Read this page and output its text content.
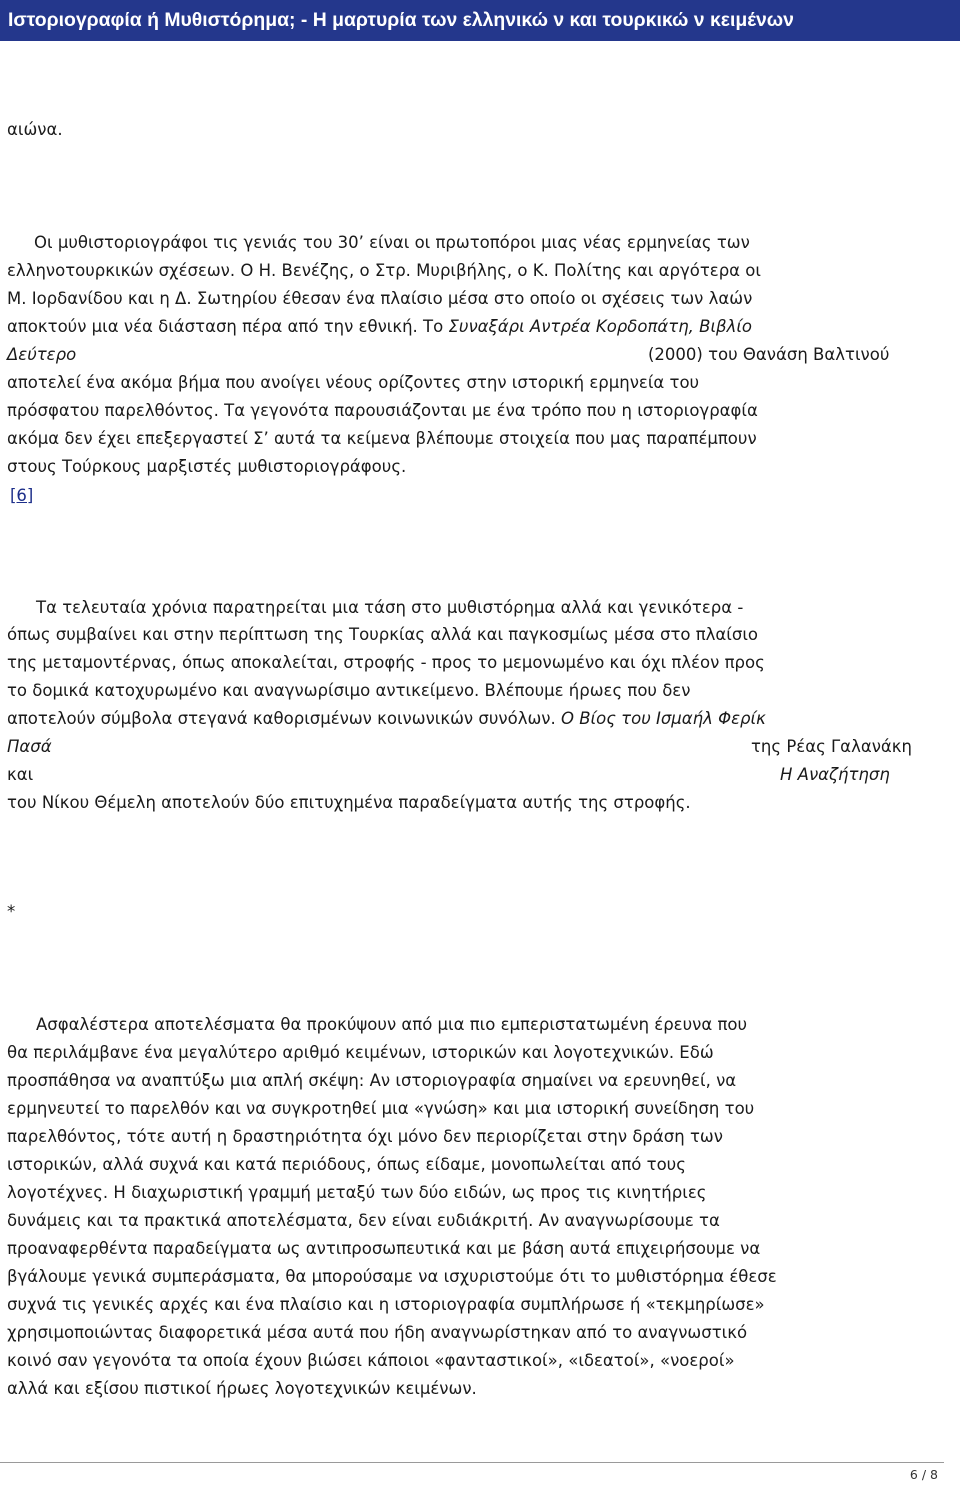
Ιστοριογραφία ή Μυθιστόρημα; - Η μαρτυρία των ελληνικώ ν και τουρκικώ ν κειμένων
αιώνα.
Οι μυθιστοριογράφοι τις γενιάς του 30’ είναι οι πρωτοπόροι μιας νέας ερμηνείας των
ελληνοτουρκικών σχέσεων. Ο Η. Βενέζης, ο Στρ. Μυριβήλης, ο Κ. Πολίτης και αργότερα οι
Μ. Ιορδανίδου και η Δ. Σωτηρίου έθεσαν ένα πλαίσιο μέσα στο οποίο οι σχέσεις των λαών
αποκτούν μια νέα διάσταση πέρα από την εθνική. Το Συναξάρι Αντρέα Κορδοπάτη, Βιβλίο
Δεύτερο	(2000) του Θανάση Βαλτινού
αποτελεί ένα ακόμα βήμα που ανοίγει νέους ορίζοντες στην ιστορική ερμηνεία του
πρόσφατου παρελθόντος. Τα γεγονότα παρουσιάζονται με ένα τρόπο που η ιστοριογραφία
ακόμα δεν έχει επεξεργαστεί Σ’ αυτά τα κείμενα βλέπουμε στοιχεία που μας παραπέμπουν
στους Τούρκους μαρξιστές μυθιστοριογράφους.
[6]
Τα τελευταία χρόνια παρατηρείται μια τάση στο μυθιστόρημα αλλά και γενικότερα -
όπως συμβαίνει και στην περίπτωση της Τουρκίας αλλά και παγκοσμίως μέσα στο πλαίσιο
της μεταμοντέρνας, όπως αποκαλείται, στροφής - προς το μεμονωμένο και όχι πλέον προς
το δομικά κατοχυρωμένο και αναγνωρίσιμο αντικείμενο. Βλέπουμε ήρωες που δεν
αποτελούν σύμβολα στεγανά καθορισμένων κοινωνικών συνόλων. Ο Βίος του Ισμαήλ Φερίκ
Πασά	της Ρέας Γαλανάκη
και	Η Αναζήτηση
του Νίκου Θέμελη αποτελούν δύο επιτυχημένα παραδείγματα αυτής της στροφής.
*
Ασφαλέστερα αποτελέσματα θα προκύψουν από μια πιο εμπεριστατωμένη έρευνα που
θα περιλάμβανε ένα μεγαλύτερο αριθμό κειμένων, ιστορικών και λογοτεχνικών. Εδώ
προσπάθησα να αναπτύξω μια απλή σκέψη: Αν ιστοριογραφία σημαίνει να ερευνηθεί, να
ερμηνευτεί το παρελθόν και να συγκροτηθεί μια «γνώση» και μια ιστορική συνείδηση του
παρελθόντος, τότε αυτή η δραστηριότητα όχι μόνο δεν περιορίζεται στην δράση των
ιστορικών, αλλά συχνά και κατά περιόδους, όπως είδαμε, μονοπωλείται από τους
λογοτέχνες. Η διαχωριστική γραμμή μεταξύ των δύο ειδών, ως προς τις κινητήριες
δυνάμεις και τα πρακτικά αποτελέσματα, δεν είναι ευδιάκριτή. Αν αναγνωρίσουμε τα
προαναφερθέντα παραδείγματα ως αντιπροσωπευτικά και με βάση αυτά επιχειρήσουμε να
βγάλουμε γενικά συμπεράσματα, θα μπορούσαμε να ισχυριστούμε ότι το μυθιστόρημα έθεσε
συχνά τις γενικές αρχές και ένα πλαίσιο και η ιστοριογραφία συμπλήρωσε ή «τεκμηρίωσε»
χρησιμοποιώντας διαφορετικά μέσα αυτά που ήδη αναγνωρίστηκαν από το αναγνωστικό
κοινό σαν γεγονότα τα οποία έχουν βιώσει κάποιοι «φανταστικοί», «ιδεατοί», «νοεροί»
αλλά και εξίσου πιστικοί ήρωες λογοτεχνικών κειμένων.
6 / 8
